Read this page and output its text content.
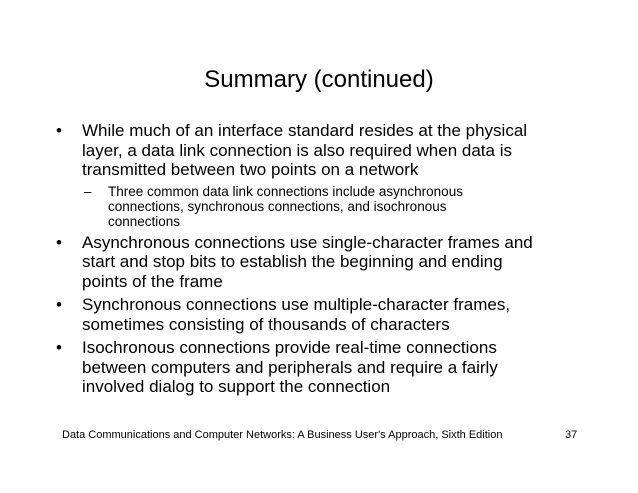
Summary (continued)
• While much of an interface standard resides at the physical
layer, a data link connection is also required when data is
transmitted between two points on a network
– Three common data link connections include asynchronous
connections, synchronous connections, and isochronous
connections
• Asynchronous connections use single-character frames and
start and stop bits to establish the beginning and ending
points of the frame
• Synchronous connections use multiple-character frames,
sometimes consisting of thousands of characters
• Isochronous connections provide real-time connections
between computers and peripherals and require a fairly
involved dialog to support the connection
Data Communications and Computer Networks: A Business User's Approach, Sixth Edition	37
